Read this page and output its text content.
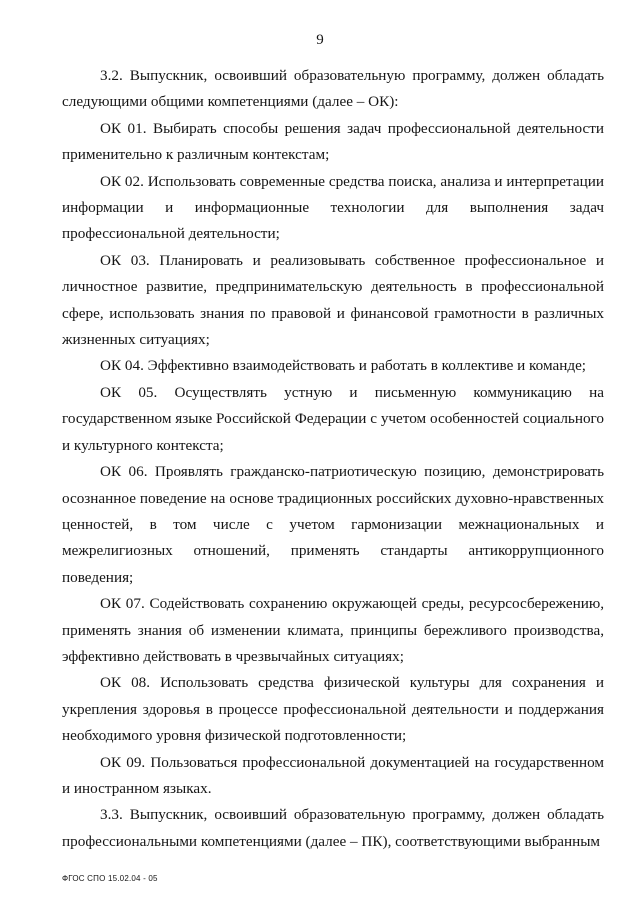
9

3.2. Выпускник, освоивший образовательную программу, должен обладать следующими общими компетенциями (далее – ОК):

ОК 01. Выбирать способы решения задач профессиональной деятельности применительно к различным контекстам;

ОК 02. Использовать современные средства поиска, анализа и интерпретации информации и информационные технологии для выполнения задач профессиональной деятельности;

ОК 03. Планировать и реализовывать собственное профессиональное и личностное развитие, предпринимательскую деятельность в профессиональной сфере, использовать знания по правовой и финансовой грамотности в различных жизненных ситуациях;

ОК 04. Эффективно взаимодействовать и работать в коллективе и команде;

ОК 05. Осуществлять устную и письменную коммуникацию на государственном языке Российской Федерации с учетом особенностей социального и культурного контекста;

ОК 06. Проявлять гражданско-патриотическую позицию, демонстрировать осознанное поведение на основе традиционных российских духовно-нравственных ценностей, в том числе с учетом гармонизации межнациональных и межрелигиозных отношений, применять стандарты антикоррупционного поведения;

ОК 07. Содействовать сохранению окружающей среды, ресурсосбережению, применять знания об изменении климата, принципы бережливого производства, эффективно действовать в чрезвычайных ситуациях;

ОК 08. Использовать средства физической культуры для сохранения и укрепления здоровья в процессе профессиональной деятельности и поддержания необходимого уровня физической подготовленности;

ОК 09. Пользоваться профессиональной документацией на государственном и иностранном языках.

3.3. Выпускник, освоивший образовательную программу, должен обладать профессиональными компетенциями (далее – ПК), соответствующими выбранным

ФГОС СПО 15.02.04 - 05
